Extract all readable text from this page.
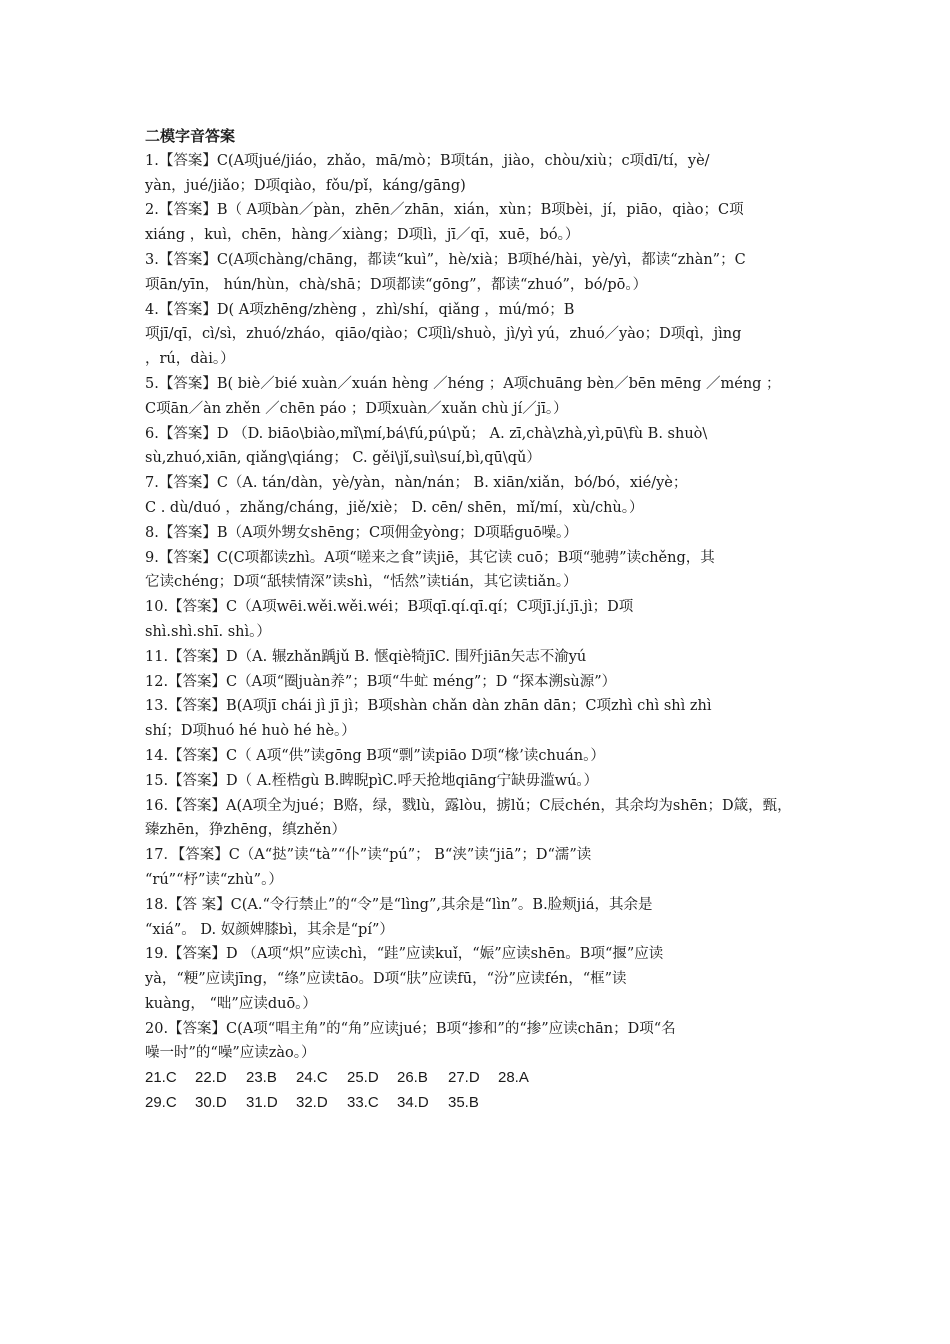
二模字音答案

1.【答案】C(A项jué/jiáo，zhǎo，mā/mò；B项tán，jiào，chòu/xiù；c项dī/tí，yè/

yàn，jué/jiǎo；D项qiào，fǒu/pǐ，káng/gāng)

2.【答案】B（ A项bàn／pàn，zhēn／zhān，xián，xùn；B项bèi，jí，piāo，qiào；C项

xiáng ，kuì，chēn，hàng／xiàng；D项lì，jī／qī，xuē，bó。）

3.【答案】C(A项chàng/chāng，都读“kuì”，hè/xià；B项hé/hài，yè/yì，都读“zhàn”；C

项ān/yīn， hún/hùn，chà/shā；D项都读“gōng”，都读“zhuó”，bó/pō。）

4.【答案】D( A项zhēng/zhèng ，zhì/shí，qiǎng ，mú/mó；B

项jī/qī，cì/sì，zhuó/zháo，qiāo/qiào；C项lì/shuò，jì/yì yú，zhuó／yào；D项qì，jìng

，rú，dài。）

5.【答案】B( biè／bié xuàn／xuán hèng ／héng ；A项chuāng bèn／bēn mēng ／méng ；

C项ān／àn zhěn ／chēn páo ；D项xuàn／xuǎn chù jí／jī。）

6.【答案】D （D. biāo\biào,mǐ\mí,bá\fú,pú\pǔ； A. zī,chà\zhà,yì,pū\fù B. shuò\

sù,zhuó,xiān, qiǎng\qiáng； C. gěi\jǐ,suì\suí,bì,qū\qǔ）

7.【答案】C（A. tán/dàn，yè/yàn，nàn/nán； B. xiān/xiǎn，bó/bó，xié/yè；

C . dù/duó ，zhǎng/cháng，jiě/xiè； D. cēn/ shēn，mǐ/mí，xù/chù。）

8.【答案】B（A项外甥女shēng；C项佣金yòng；D项聒guō噪。）

9.【答案】C(C项都读zhì。A项“嗟来之食”读jiē，其它读 cuō；B项“驰骋”读chěng，其

它读chéng；D项“舐犊情深”读shì，“恬然”读tián，其它读tiǎn。）

10.【答案】C（A项wēi.wěi.wěi.wéi；B项qī.qí.qī.qí；C项jī.jí.jī.jì；D项

shì.shì.shī. shì。）

11.【答案】D（A. 辗zhǎn踽jǔ B. 惬qiè犄jīC. 围歼jiān矢志不渝yú

12.【答案】C（A项“圈juàn养”；B项“牛虻 méng”；D “探本溯sù源”）

13.【答案】B(A项jī chái jì jī jì；B项shàn chǎn dàn zhān dān；C项zhì chì shì zhì

shí；D项huó hé huò hé hè。）

14.【答案】C（ A项“供”读gōng B项“剽”读piāo D项“椽’读chuán。）

15.【答案】D（ A.桎梏gù B.睥睨pìC.呼天抢地qiāng宁缺毋滥wú。）

16.【答案】A(A项全为jué；B赂，绿，戮lù，露lòu，掳lǔ；C辰chén，其余均为shēn；D箴，甄，

臻zhēn，狰zhēng，缜zhěn）

17．【答案】C（A“挞”读“tà”“仆”读“pú”； B“浃”读“jiā”；D“濡”读

“rú”“杼”读“zhù”。）

18.【答 案】C(A.“令行禁止”的“令”是“lìng”,其余是“lìn”。B.脸颊jiá，其余是

“xiá”。 D. 奴颜婢膝bì，其余是“pí”）

19.【答案】D （A项“炽”应读chì，“跬”应读kuǐ，“娠”应读shēn。B项“揠”应读

yà，“粳”应读jīng，“绦”应读tāo。D项“肤”应读fū，“汾”应读fén，“框”读

kuàng， “咄”应读duō。）

20.【答案】C(A项“唱主角”的“角”应读jué；B项“掺和”的“掺”应读chān；D项“名

噪一时”的“噪”应读zào。）

21.C	22.D	23.B	24.C	25.D	26.B	27.D	28.A
29.C	30.D	31.D	32.D	33.C	34.D	35.B
